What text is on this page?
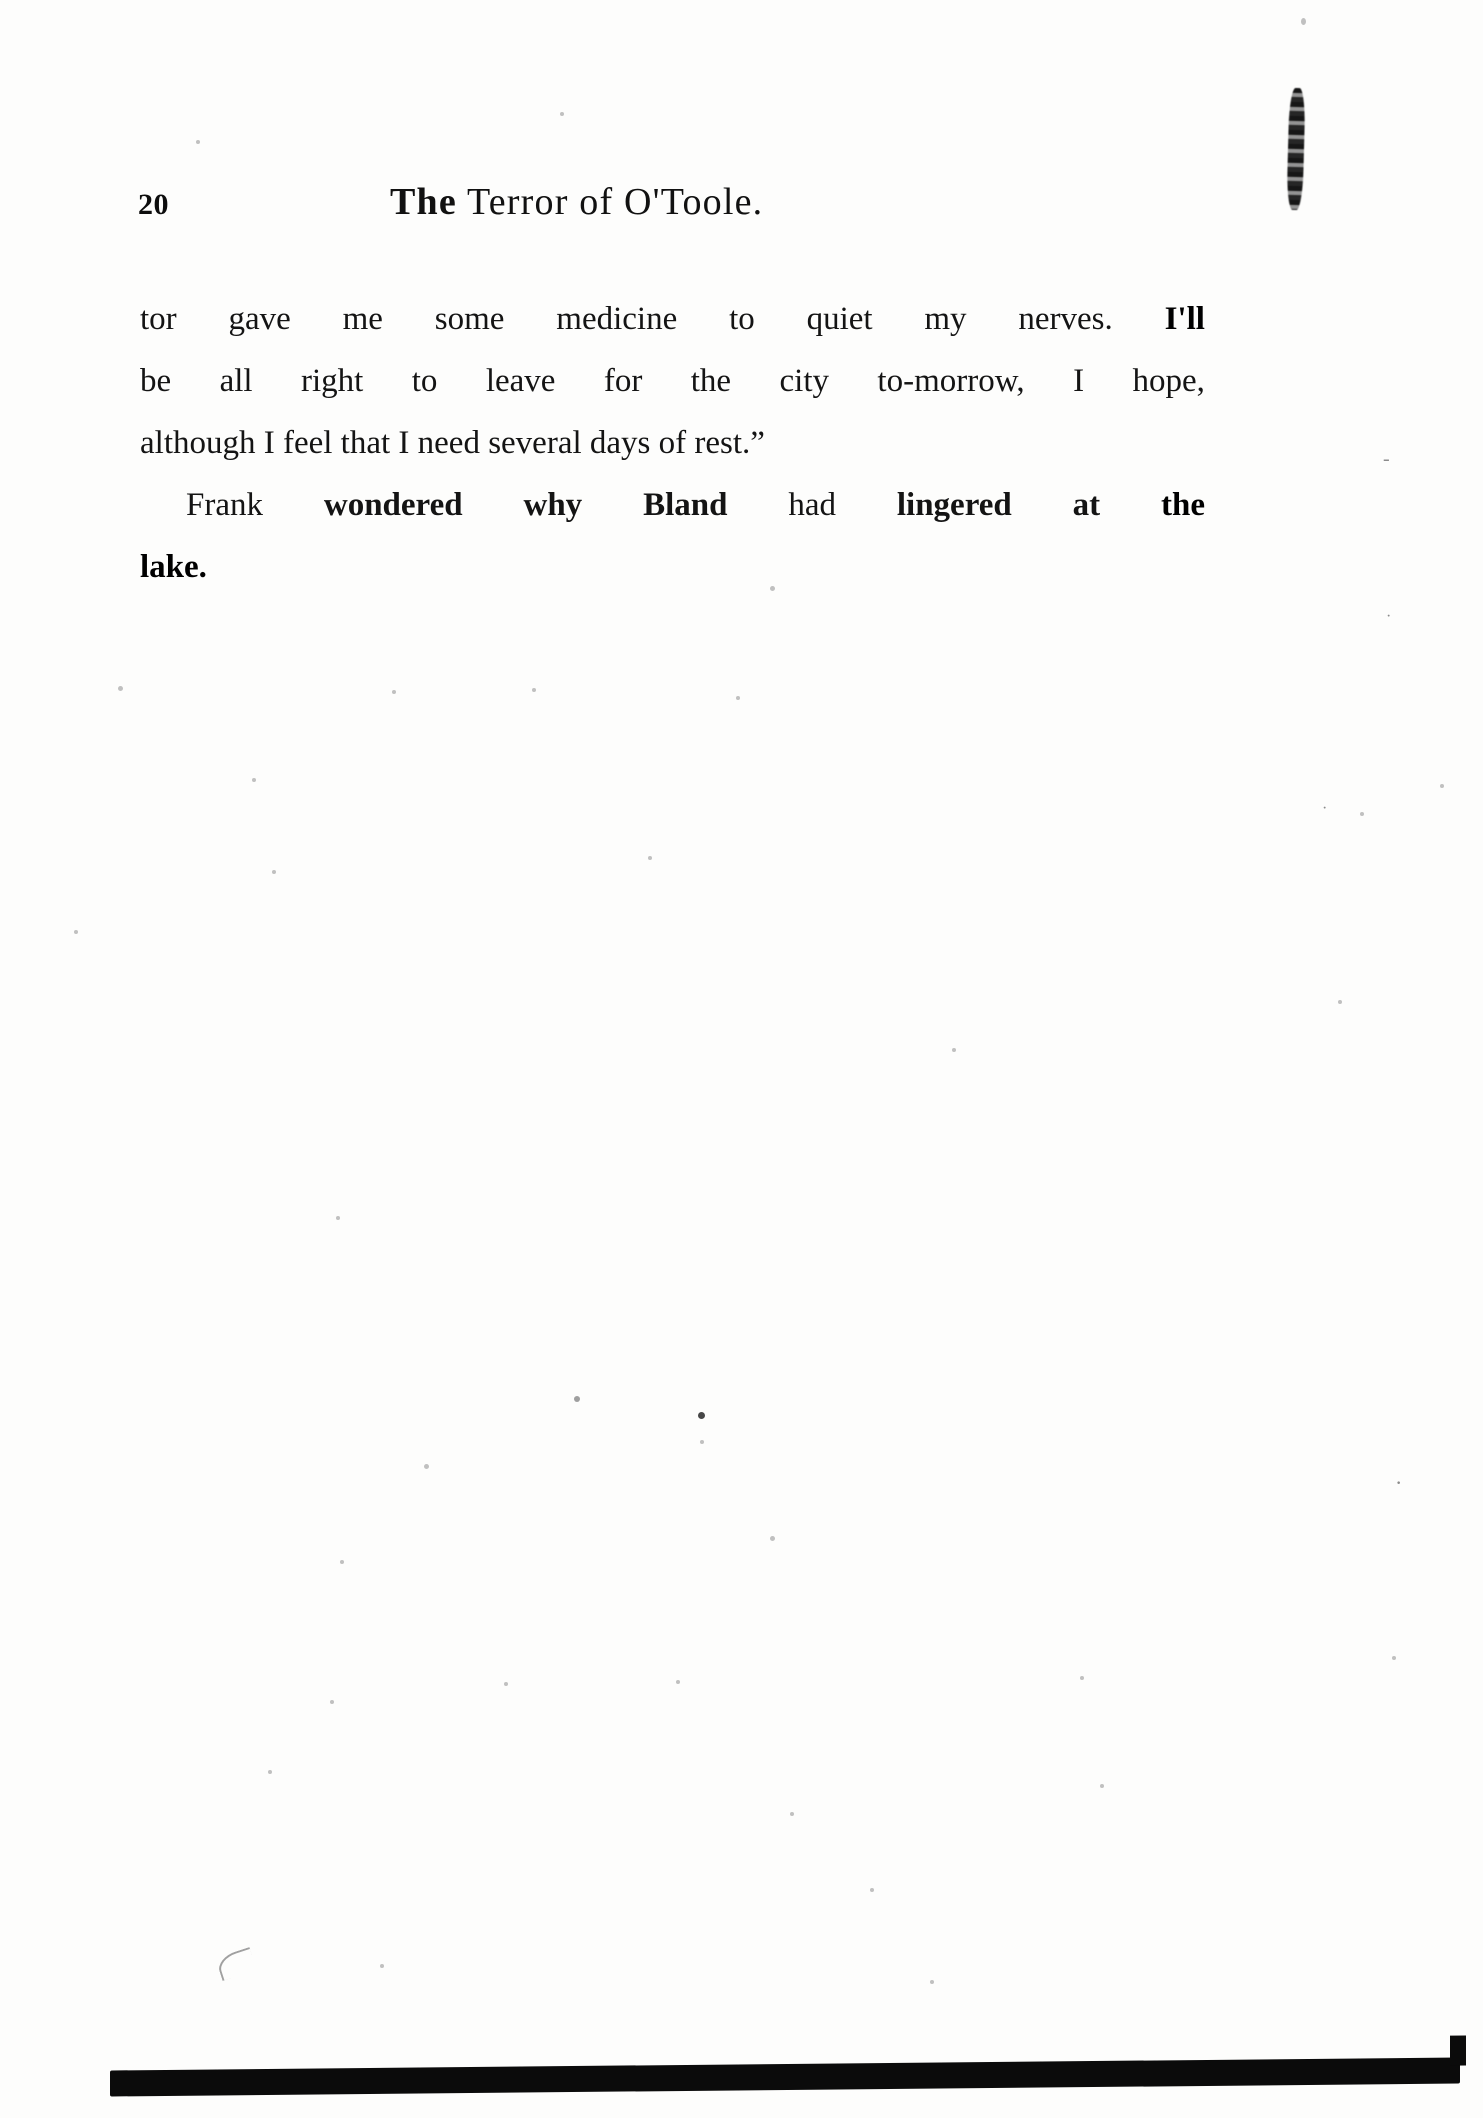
20	The Terror of O'Toole.
tor gave me some medicine to quiet my nerves. I'll
be all right to leave for the city to-morrow, I hope,
although I feel that I need several days of rest.”
Frank wondered why Bland had lingered at the
lake.
-
·
·
·
